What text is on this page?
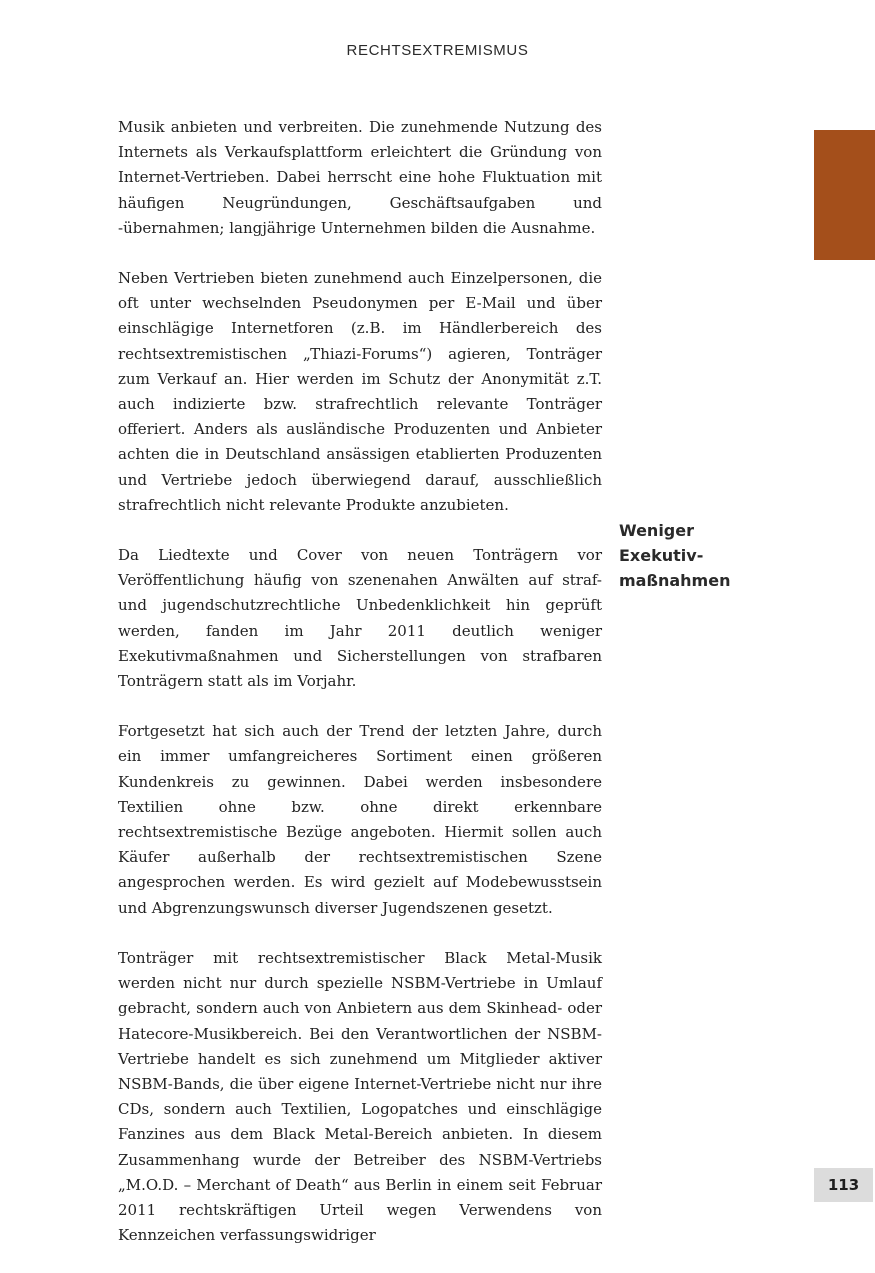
RECHTSEXTREMISMUS

Musik anbieten und verbreiten. Die zunehmende Nutzung des Internets als Verkaufsplattform erleichtert die Gründung von Internet-Vertrieben. Dabei herrscht eine hohe Fluktuation mit häufigen Neugründungen, Geschäftsaufgaben und -übernahmen; langjährige Unternehmen bilden die Ausnahme.

Neben Vertrieben bieten zunehmend auch Einzelpersonen, die oft unter wechselnden Pseudonymen per E-Mail und über einschlägige Internetforen (z.B. im Händlerbereich des rechtsextremistischen „Thiazi-Forums“) agieren, Tonträger zum Verkauf an. Hier werden im Schutz der Anonymität z.T. auch indizierte bzw. strafrechtlich relevante Tonträger offeriert. Anders als ausländische Produzenten und Anbieter achten die in Deutschland ansässigen etablierten Produzenten und Vertriebe jedoch überwiegend darauf, ausschließlich strafrechtlich nicht relevante Produkte anzubieten.

Da Liedtexte und Cover von neuen Tonträgern vor Veröffentlichung häufig von szenenahen Anwälten auf straf- und jugendschutzrechtliche Unbedenklichkeit hin geprüft werden, fanden im Jahr 2011 deutlich weniger Exekutivmaßnahmen und Sicherstellungen von strafbaren Tonträgern statt als im Vorjahr.

Fortgesetzt hat sich auch der Trend der letzten Jahre, durch ein immer umfangreicheres Sortiment einen größeren Kundenkreis zu gewinnen. Dabei werden insbesondere Textilien ohne bzw. ohne direkt erkennbare rechtsextremistische Bezüge angeboten. Hiermit sollen auch Käufer außerhalb der rechtsextremistischen Szene angesprochen werden. Es wird gezielt auf Modebewusstsein und Abgrenzungswunsch diverser Jugendszenen gesetzt.

Tonträger mit rechtsextremistischer Black Metal-Musik werden nicht nur durch spezielle NSBM-Vertriebe in Umlauf gebracht, sondern auch von Anbietern aus dem Skinhead- oder Hatecore-Musikbereich. Bei den Verantwortlichen der NSBM-Vertriebe handelt es sich zunehmend um Mitglieder aktiver NSBM-Bands, die über eigene Internet-Vertriebe nicht nur ihre CDs, sondern auch Textilien, Logopatches und einschlägige Fanzines aus dem Black Metal-Bereich anbieten. In diesem Zusammenhang wurde der Betreiber des NSBM-Vertriebs „M.O.D. – Merchant of Death“ aus Berlin in einem seit Februar 2011 rechtskräftigen Urteil wegen Verwendens von Kennzeichen verfassungswidriger

Weniger Exekutiv-
maßnahmen
113
